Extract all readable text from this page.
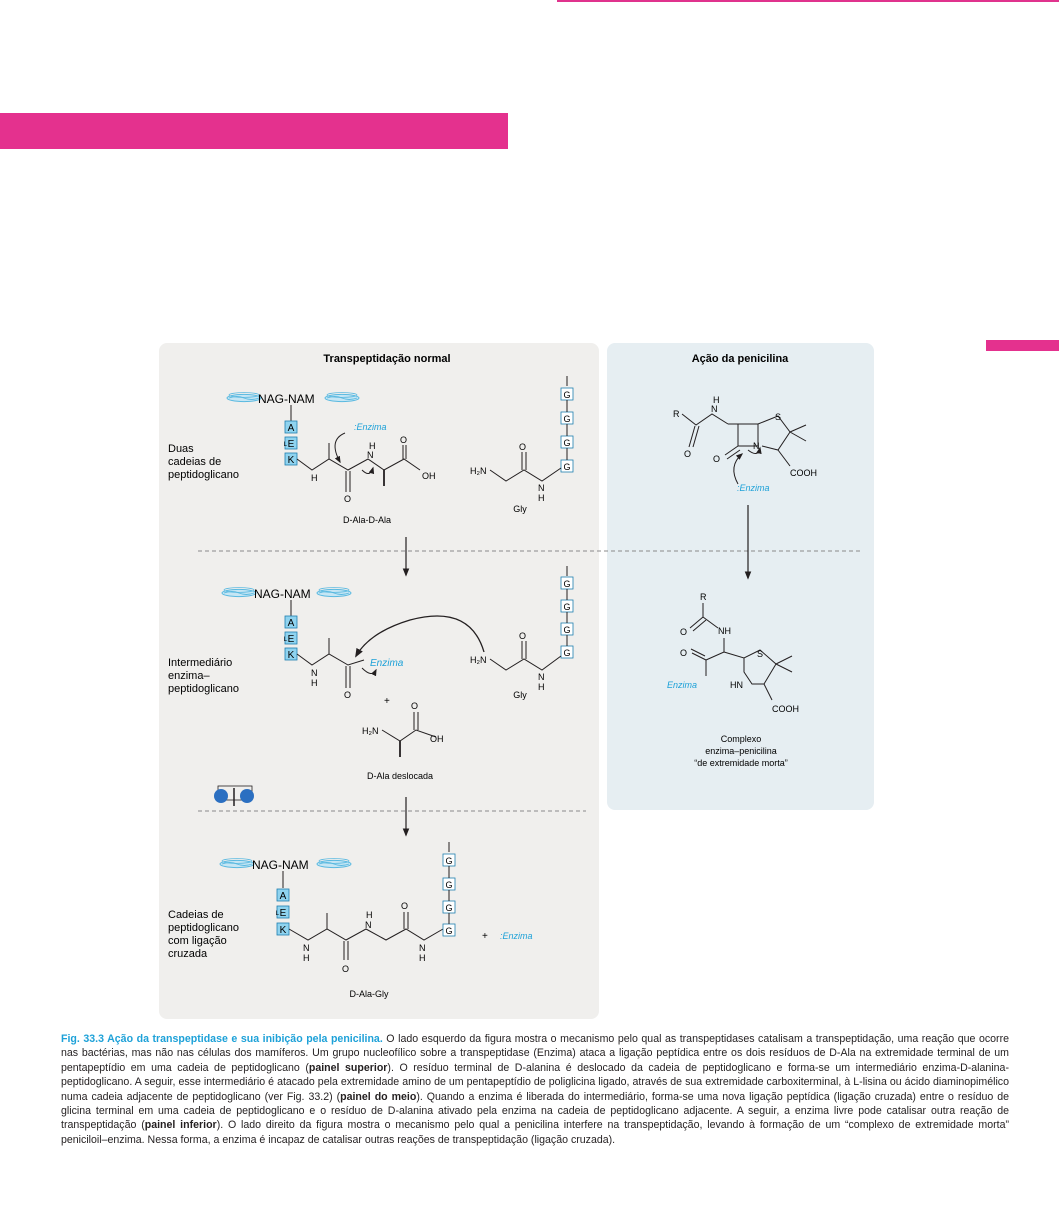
Transpeptidação normal	Ação da penicilina
NAG-NAM
A
E
L
K
Duas cadeias de peptidoglicano	H
O
N
H
O
OH
:Enzima
D-Ala-D-Ala
G
G
G
G
H₂N
O
N
H
Gly
NAG-NAM
A
E
L
K
Intermediário enzima– peptidoglicano
N
H
O
Enzima
+
H₂N
O
OH
D-Ala deslocada
G
G
G
G
H₂N
O
N
H
Gly
NAG-NAM
A
E
L
K
Cadeias de peptidoglicano com ligação cruzada	N
H
O
N
H
O
N
H
D-Ala-Gly
G
G
G
G	+ :Enzima
R
O
N
H
N
S
COOH
O
:Enzima
R
O	NH
O
Enzima
S
HN
COOH
Complexo enzima–penicilina “de extremidade morta”
Fig. 33.3 Ação da transpeptidase e sua inibição pela penicilina. O lado esquerdo da figura mostra o mecanismo pelo qual as transpeptidases catalisam a transpeptidação, uma reação que ocorre nas bactérias, mas não nas células dos mamíferos. Um grupo nucleofílico sobre a transpeptidase (Enzima) ataca a ligação peptídica entre os dois resíduos de D-Ala na extremidade terminal de um pentapeptídio em uma cadeia de peptidoglicano (painel superior). O resíduo terminal de D-alanina é deslocado da cadeia de peptidoglicano e forma-se um intermediário enzima-D-alanina-peptidoglicano. A seguir, esse intermediário é atacado pela extremidade amino de um pentapeptídio de poliglicina ligado, através de sua extremidade carboxiterminal, à L-lisina ou ácido diaminopimélico numa cadeia adjacente de peptidoglicano (ver Fig. 33.2) (painel do meio). Quando a enzima é liberada do intermediário, forma-se uma nova ligação peptídica (ligação cruzada) entre o resíduo de glicina terminal em uma cadeia de peptidoglicano e o resíduo de D-alanina ativado pela enzima na cadeia de peptidoglicano adjacente. A seguir, a enzima livre pode catalisar outra reação de transpeptidação (painel inferior). O lado direito da figura mostra o mecanismo pelo qual a penicilina interfere na transpeptidação, levando à formação de um “complexo de extremidade morta” peniciloil–enzima. Nessa forma, a enzima é incapaz de catalisar outras reações de transpeptidação (ligação cruzada).
